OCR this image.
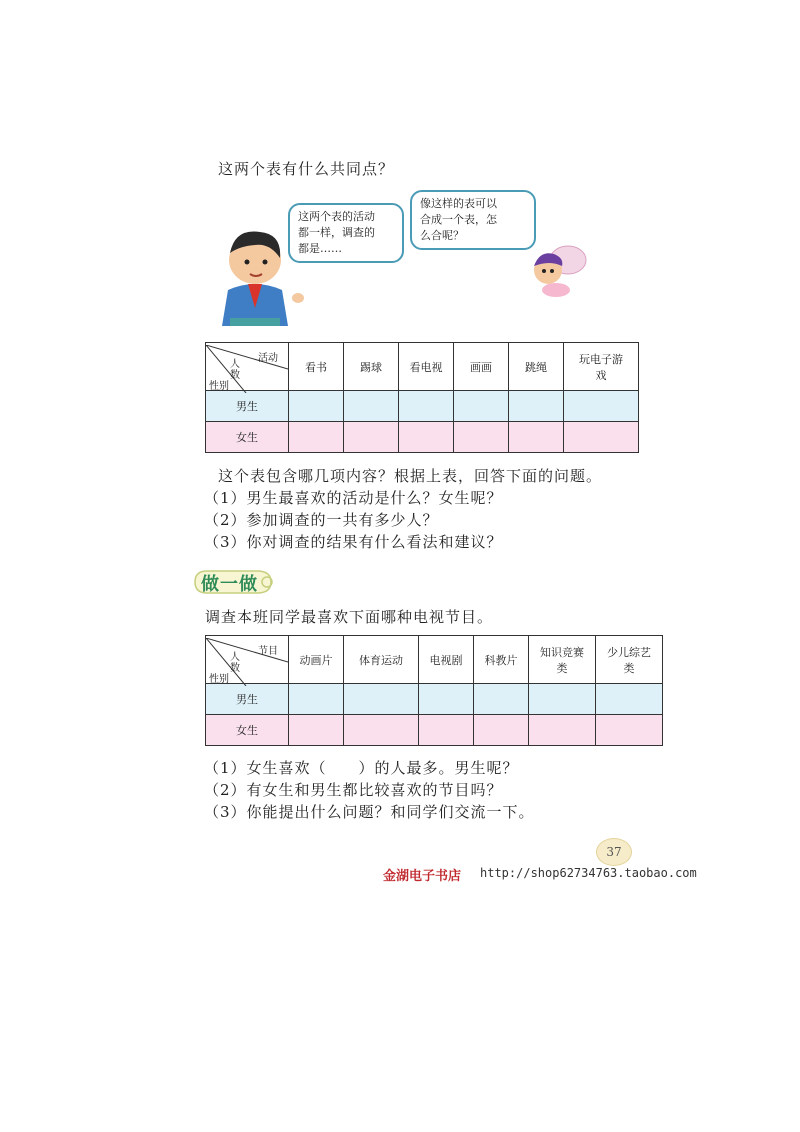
这两个表有什么共同点？
这两个表的活动
都一样，调查的
都是……
像这样的表可以
合成一个表，怎
么合呢？
活动
人数
性别	看书	踢球	看电视	画画	跳绳	玩电子游戏
男生						
女生						
这个表包含哪几项内容？根据上表，回答下面的问题。
（1）男生最喜欢的活动是什么？女生呢？
（2）参加调查的一共有多少人？
（3）你对调查的结果有什么看法和建议？
做一做
调查本班同学最喜欢下面哪种电视节目。
节目
人数
性别	动画片	体育运动	电视剧	科教片	知识竞赛类	少儿综艺类
男生						
女生						
（1）女生喜欢（　　）的人最多。男生呢？
（2）有女生和男生都比较喜欢的节目吗？
（3）你能提出什么问题？和同学们交流一下。
37
金湖电子书店 http://shop62734763.taobao.com
